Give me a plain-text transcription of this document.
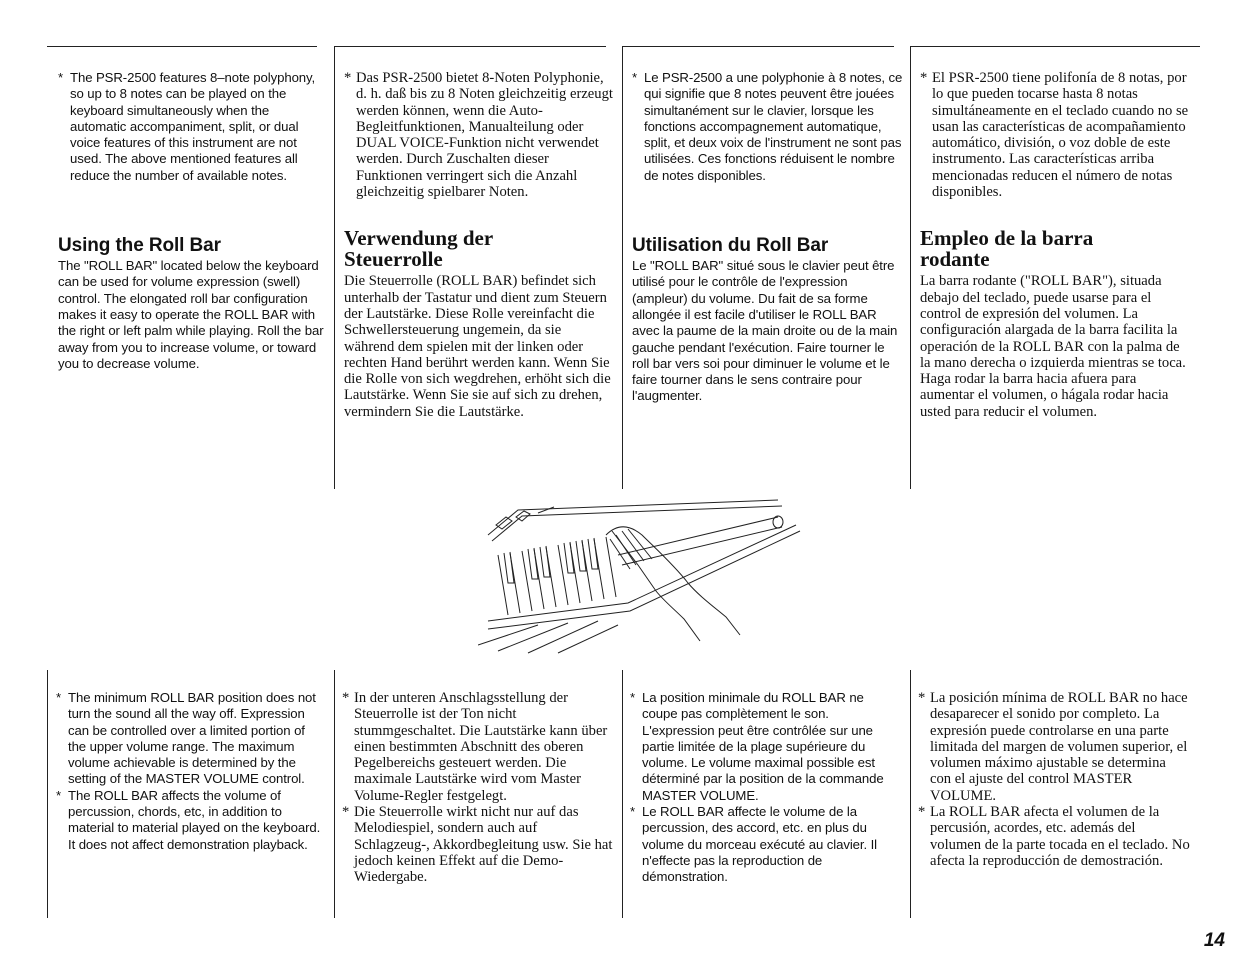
* The PSR-2500 features 8–note polyphony, so up to 8 notes can be played on the keyboard simultaneously when the automatic accompaniment, split, or dual voice features of this instrument are not used. The above mentioned features all reduce the number of available notes.
Using the Roll Bar

The "ROLL BAR" located below the keyboard can be used for volume expression (swell) control. The elongated roll bar configuration makes it easy to operate the ROLL BAR with the right or left palm while playing. Roll the bar away from you to increase volume, or toward you to decrease volume.

* Das PSR-2500 bietet 8-Noten Polyphonie, d. h. daß bis zu 8 Noten gleichzeitig erzeugt werden können, wenn die Auto-Begleitfunktionen, Manualteilung oder DUAL VOICE-Funktion nicht verwendet werden. Durch Zuschalten dieser Funktionen verringert sich die Anzahl gleichzeitig spielbarer Noten.
Verwendung der Steuerrolle

Die Steuerrolle (ROLL BAR) befindet sich unterhalb der Tastatur und dient zum Steuern der Lautstärke. Diese Rolle vereinfacht die Schwellersteuerung ungemein, da sie während dem spielen mit der linken oder rechten Hand berührt werden kann. Wenn Sie die Rolle von sich wegdrehen, erhöht sich die Lautstärke. Wenn Sie sie auf sich zu drehen, vermindern Sie die Lautstärke.

* Le PSR-2500 a une polyphonie à 8 notes, ce qui signifie que 8 notes peuvent être jouées simultanément sur le clavier, lorsque les fonctions accompagnement automatique, split, et deux voix de l'instrument ne sont pas utilisées. Ces fonctions réduisent le nombre de notes disponibles.
Utilisation du Roll Bar

Le "ROLL BAR" situé sous le clavier peut être utilisé pour le contrôle de l'expression (ampleur) du volume. Du fait de sa forme allongée il est facile d'utiliser le ROLL BAR avec la paume de la main droite ou de la main gauche pendant l'exécution. Faire tourner le roll bar vers soi pour diminuer le volume et le faire tourner dans le sens contraire pour l'augmenter.

* El PSR-2500 tiene polifonía de 8 notas, por lo que pueden tocarse hasta 8 notas simultáneamente en el teclado cuando no se usan las características de acompañamiento automático, división, o voz doble de este instrumento. Las características arriba mencionadas reducen el número de notas disponibles.
Empleo de la barra rodante

La barra rodante ("ROLL BAR"), situada debajo del teclado, puede usarse para el control de expresión del volumen. La configuración alargada de la barra facilita la operación de la ROLL BAR con la palma de la mano derecha o izquierda mientras se toca. Haga rodar la barra hacia afuera para aumentar el volumen, o hágala rodar hacia usted para reducir el volumen.

* The minimum ROLL BAR position does not turn the sound all the way off. Expression can be controlled over a limited portion of the upper volume range. The maximum volume achievable is determined by the setting of the MASTER VOLUME control.
* The ROLL BAR affects the volume of percussion, chords, etc, in addition to material to material played on the keyboard. It does not affect demonstration playback.
* In der unteren Anschlagsstellung der Steuerrolle ist der Ton nicht stummgeschaltet. Die Lautstärke kann über einen bestimmten Abschnitt des oberen Pegelbereichs gesteuert werden. Die maximale Lautstärke wird vom Master Volume-Regler festgelegt.
* Die Steuerrolle wirkt nicht nur auf das Melodiespiel, sondern auch auf Schlagzeug-, Akkordbegleitung usw. Sie hat jedoch keinen Effekt auf die Demo-Wiedergabe.
* La position minimale du ROLL BAR ne coupe pas complètement le son. L'expression peut être contrôlée sur une partie limitée de la plage supérieure du volume. Le volume maximal possible est déterminé par la position de la commande MASTER VOLUME.
* Le ROLL BAR affecte le volume de la percussion, des accord, etc. en plus du volume du morceau exécuté au clavier. Il n'effecte pas la reproduction de démonstration.
* La posición mínima de ROLL BAR no hace desaparecer el sonido por completo. La expresión puede controlarse en una parte limitada del margen de volumen superior, el volumen máximo ajustable se determina con el ajuste del control MASTER VOLUME.
* La ROLL BAR afecta el volumen de la percusión, acordes, etc. además del volumen de la parte tocada en el teclado. No afecta la reproducción de demostración.
14
